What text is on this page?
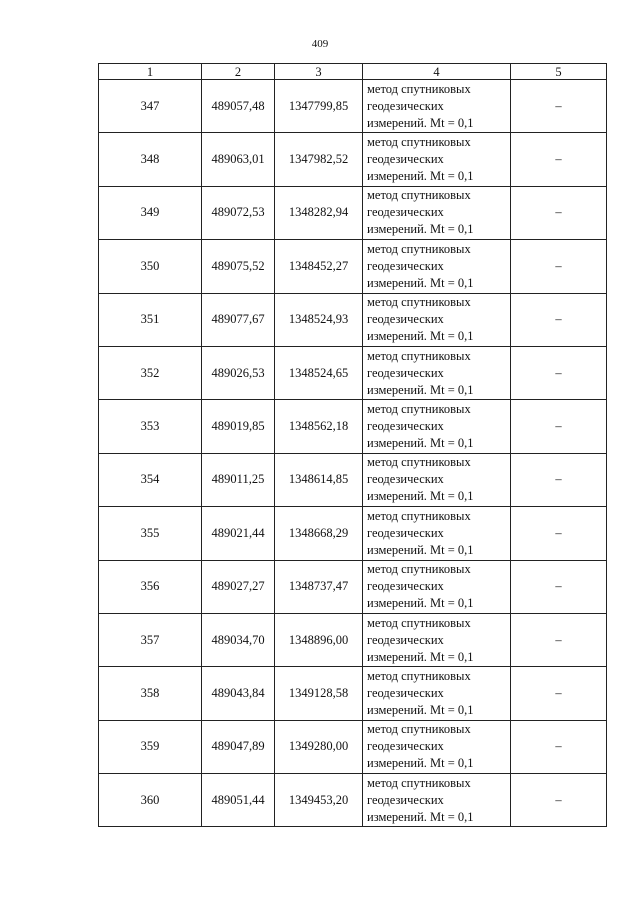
409
1	2	3	4	5
347	489057,48	1347799,85	метод спутниковых
геодезических
измерений. Mt = 0,1	–
348	489063,01	1347982,52	метод спутниковых
геодезических
измерений. Mt = 0,1	–
349	489072,53	1348282,94	метод спутниковых
геодезических
измерений. Mt = 0,1	–
350	489075,52	1348452,27	метод спутниковых
геодезических
измерений. Mt = 0,1	–
351	489077,67	1348524,93	метод спутниковых
геодезических
измерений. Mt = 0,1	–
352	489026,53	1348524,65	метод спутниковых
геодезических
измерений. Mt = 0,1	–
353	489019,85	1348562,18	метод спутниковых
геодезических
измерений. Mt = 0,1	–
354	489011,25	1348614,85	метод спутниковых
геодезических
измерений. Mt = 0,1	–
355	489021,44	1348668,29	метод спутниковых
геодезических
измерений. Mt = 0,1	–
356	489027,27	1348737,47	метод спутниковых
геодезических
измерений. Mt = 0,1	–
357	489034,70	1348896,00	метод спутниковых
геодезических
измерений. Mt = 0,1	–
358	489043,84	1349128,58	метод спутниковых
геодезических
измерений. Mt = 0,1	–
359	489047,89	1349280,00	метод спутниковых
геодезических
измерений. Mt = 0,1	–
360	489051,44	1349453,20	метод спутниковых
геодезических
измерений. Mt = 0,1	–
